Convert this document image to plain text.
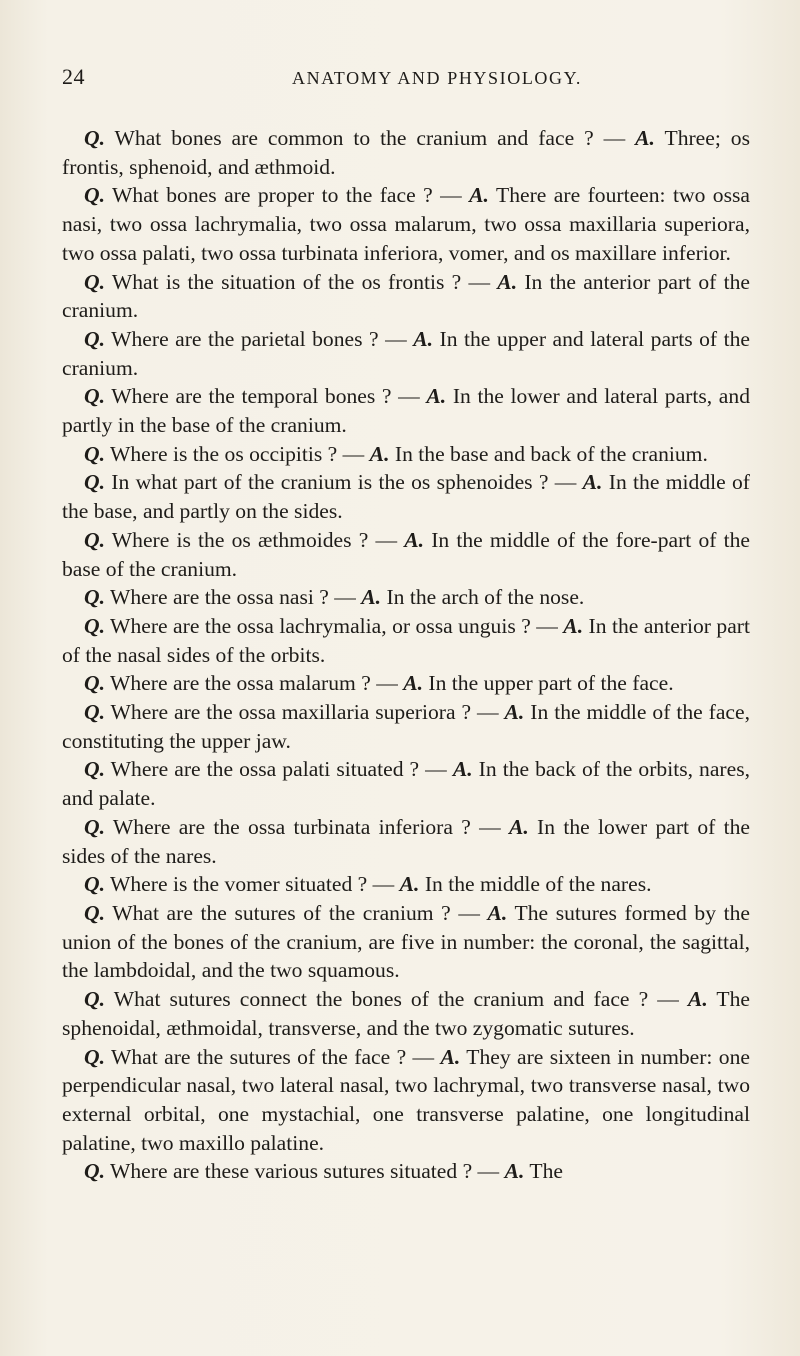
24	ANATOMY AND PHYSIOLOGY.

Q. What bones are common to the cranium and face ? — A. Three; os frontis, sphenoid, and æthmoid.

Q. What bones are proper to the face ? — A. There are fourteen: two ossa nasi, two ossa lachrymalia, two ossa malarum, two ossa maxillaria superiora, two ossa palati, two ossa turbinata inferiora, vomer, and os maxillare inferior.

Q. What is the situation of the os frontis ? — A. In the anterior part of the cranium.

Q. Where are the parietal bones ? — A. In the upper and lateral parts of the cranium.

Q. Where are the temporal bones ? — A. In the lower and lateral parts, and partly in the base of the cranium.

Q. Where is the os occipitis ? — A. In the base and back of the cranium.

Q. In what part of the cranium is the os sphenoides ? — A. In the middle of the base, and partly on the sides.

Q. Where is the os æthmoides ? — A. In the middle of the fore-part of the base of the cranium.

Q. Where are the ossa nasi ? — A. In the arch of the nose.

Q. Where are the ossa lachrymalia, or ossa unguis ? — A. In the anterior part of the nasal sides of the orbits.

Q. Where are the ossa malarum ? — A. In the upper part of the face.

Q. Where are the ossa maxillaria superiora ? — A. In the middle of the face, constituting the upper jaw.

Q. Where are the ossa palati situated ? — A. In the back of the orbits, nares, and palate.

Q. Where are the ossa turbinata inferiora ? — A. In the lower part of the sides of the nares.

Q. Where is the vomer situated ? — A. In the middle of the nares.

Q. What are the sutures of the cranium ? — A. The sutures formed by the union of the bones of the cranium, are five in number: the coronal, the sagittal, the lambdoidal, and the two squamous.

Q. What sutures connect the bones of the cranium and face ? — A. The sphenoidal, æthmoidal, transverse, and the two zygomatic sutures.

Q. What are the sutures of the face ? — A. They are sixteen in number: one perpendicular nasal, two lateral nasal, two lachrymal, two transverse nasal, two external orbital, one mystachial, one transverse palatine, one longitudinal palatine, two maxillo palatine.

Q. Where are these various sutures situated ? — A. The
